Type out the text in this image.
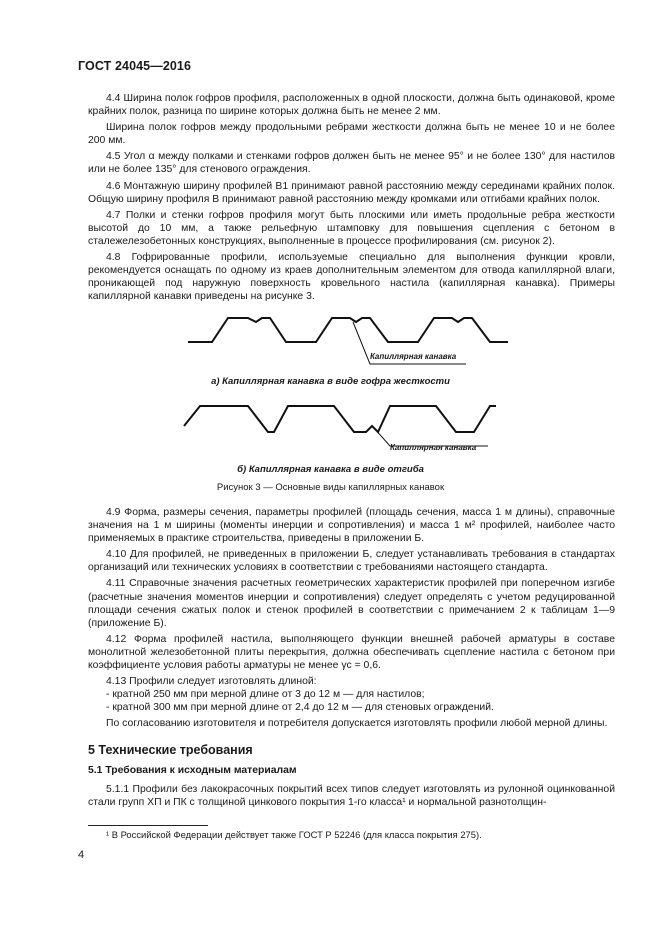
ГОСТ 24045—2016

4.4 Ширина полок гофров профиля, расположенных в одной плоскости, должна быть одинаковой, кроме крайних полок, разница по ширине которых должна быть не менее 2 мм.

Ширина полок гофров между продольными ребрами жесткости должна быть не менее 10 и не более 200 мм.

4.5 Угол α между полками и стенками гофров должен быть не менее 95° и не более 130° для настилов или не более 135° для стенового ограждения.

4.6 Монтажную ширину профилей B1 принимают равной расстоянию между серединами крайних полок. Общую ширину профиля B принимают равной расстоянию между кромками или отгибами крайних полок.

4.7 Полки и стенки гофров профиля могут быть плоскими или иметь продольные ребра жесткости высотой до 10 мм, а также рельефную штамповку для повышения сцепления с бетоном в сталежелезобетонных конструкциях, выполненные в процессе профилирования (см. рисунок 2).

4.8 Гофрированные профили, используемые специально для выполнения функции кровли, рекомендуется оснащать по одному из краев дополнительным элементом для отвода капиллярной влаги, проникающей под наружную поверхность кровельного настила (капиллярная канавка). Примеры капиллярной канавки приведены на рисунке 3.

Капиллярная канавка
а) Капиллярная канавка в виде гофра жесткости
Капиллярная канавка
б) Капиллярная канавка в виде отгиба
Рисунок 3 — Основные виды капиллярных канавок

4.9 Форма, размеры сечения, параметры профилей (площадь сечения, масса 1 м длины), справочные значения на 1 м ширины (моменты инерции и сопротивления) и масса 1 м² профилей, наиболее часто применяемых в практике строительства, приведены в приложении Б.

4.10 Для профилей, не приведенных в приложении Б, следует устанавливать требования в стандартах организаций или технических условиях в соответствии с требованиями настоящего стандарта.

4.11 Справочные значения расчетных геометрических характеристик профилей при поперечном изгибе (расчетные значения моментов инерции и сопротивления) следует определять с учетом редуцированной площади сечения сжатых полок и стенок профилей в соответствии с примечанием 2 к таблицам 1—9 (приложение Б).

4.12 Форма профилей настила, выполняющего функции внешней рабочей арматуры в составе монолитной железобетонной плиты перекрытия, должна обеспечивать сцепление настила с бетоном при коэффициенте условия работы арматуры не менее γc = 0,6.

4.13 Профили следует изготовлять длиной:

- кратной 250 мм при мерной длине от 3 до 12 м — для настилов;

- кратной 300 мм при мерной длине от 2,4 до 12 м — для стеновых ограждений.

По согласованию изготовителя и потребителя допускается изготовлять профили любой мерной длины.

5 Технические требования
5.1 Требования к исходным материалам

5.1.1 Профили без лакокрасочных покрытий всех типов следует изготовлять из рулонной оцинкованной стали групп ХП и ПК с толщиной цинкового покрытия 1-го класса¹ и нормальной разнотолщин-

¹ В Российской Федерации действует также ГОСТ Р 52246 (для класса покрытия 275).
4
